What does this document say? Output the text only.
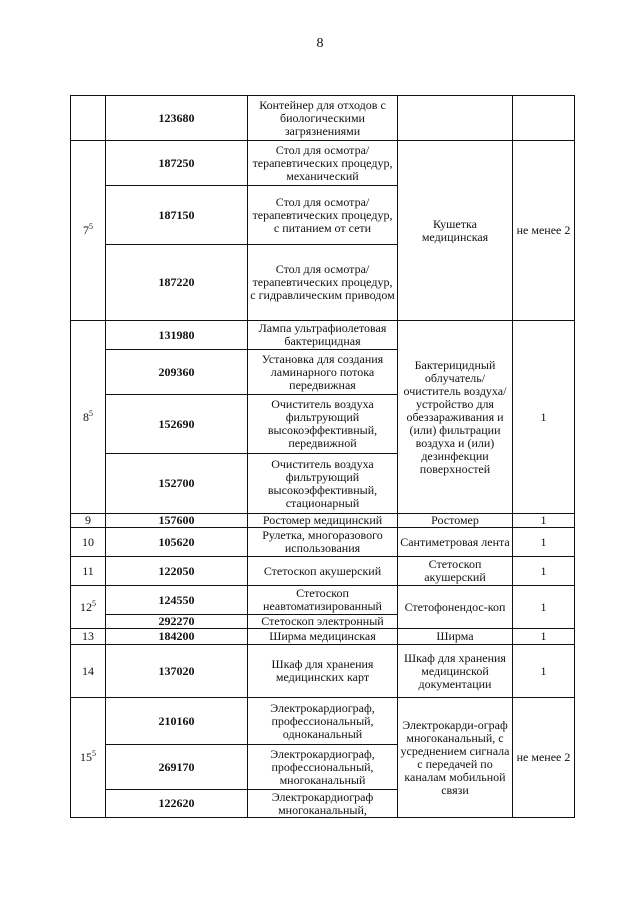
8
	123680	Контейнер для отходов с биологическими загрязнениями		
$7^5$	187250	Стол для осмотра/ терапевтических процедур, механический	Кушетка медицинская	не менее 2
	187150	Стол для осмотра/ терапевтических процедур, с питанием от сети		
	187220	Стол для осмотра/ терапевтических процедур, с гидравлическим приводом		
$8^5$	131980	Лампа ультрафиолетовая бактерицидная	Бактерицидный облучатель/ очиститель воздуха/ устройство для обеззараживания и (или) фильтрации воздуха и (или) дезинфекции поверхностей	1
	209360	Установка для создания ламинарного потока передвижная		
	152690	Очиститель воздуха фильтрующий высокоэффективный, передвижной		
	152700	Очиститель воздуха фильтрующий высокоэффективный, стационарный		
9	157600	Ростомер медицинский	Ростомер	1
10	105620	Рулетка, многоразового использования	Сантиметровая лента	1
11	122050	Стетоскоп акушерский	Стетоскоп акушерский	1
$12^5$	124550	Стетоскоп неавтоматизированный	Стетофонендос-коп	1
	292270	Стетоскоп электронный		
13	184200	Ширма медицинская	Ширма	1
14	137020	Шкаф для хранения медицинских карт	Шкаф для хранения медицинской документации	1
$15^5$	210160	Электрокардиограф, профессиональный, одноканальный	Электрокарди-ограф многоканальный, с усреднением сигнала с передачей по каналам мобильной связи	не менее 2
	269170	Электрокардиограф, профессиональный, многоканальный		
	122620	Электрокардиограф многоканальный,		
